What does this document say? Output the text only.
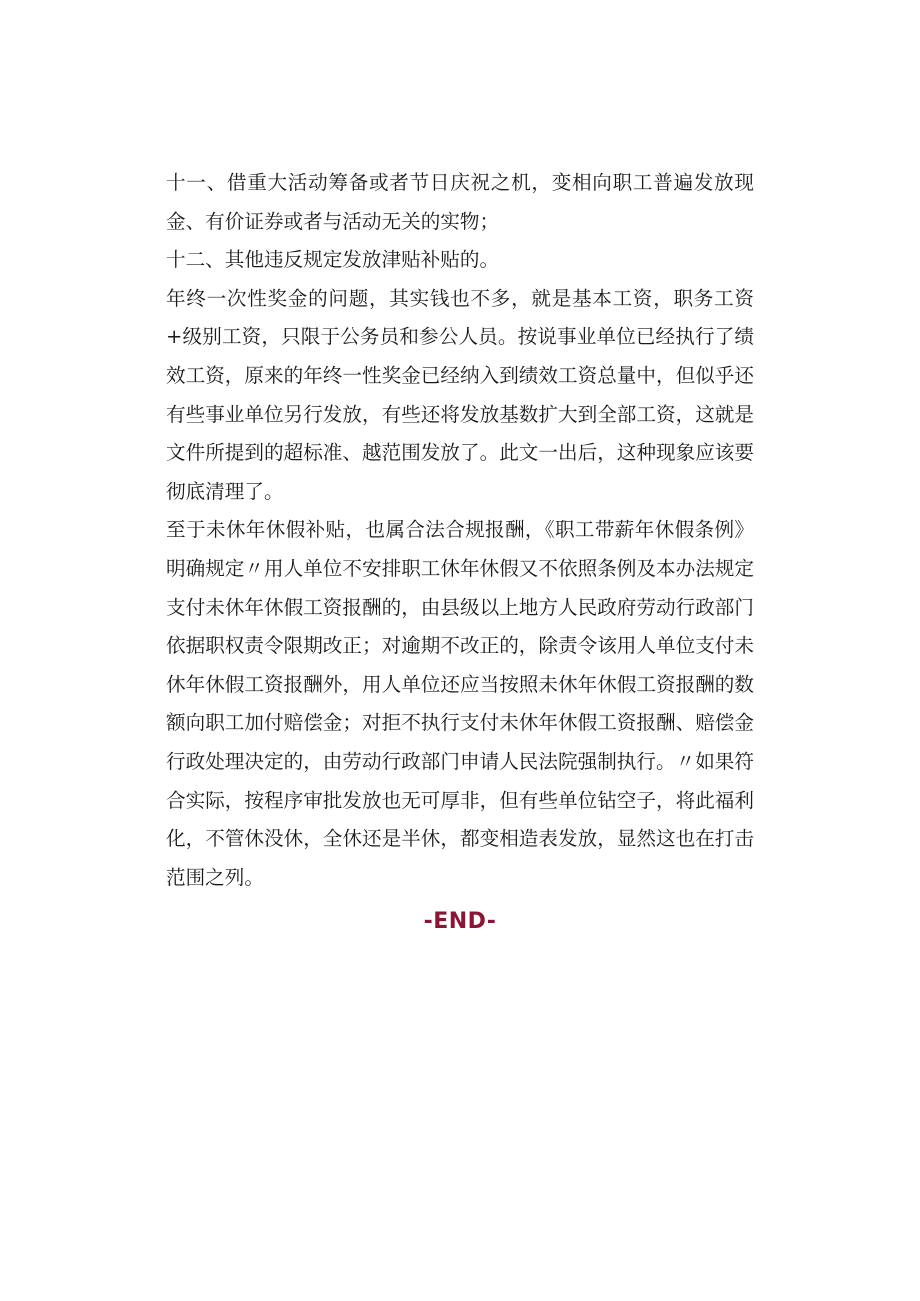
十一、借重大活动筹备或者节日庆祝之机，变相向职工普遍发放现金、有价证券或者与活动无关的实物；

十二、其他违反规定发放津贴补贴的。

年终一次性奖金的问题，其实钱也不多，就是基本工资，职务工资+级别工资，只限于公务员和参公人员。按说事业单位已经执行了绩效工资，原来的年终一性奖金已经纳入到绩效工资总量中，但似乎还有些事业单位另行发放，有些还将发放基数扩大到全部工资，这就是文件所提到的超标准、越范围发放了。此文一出后，这种现象应该要彻底清理了。

至于未休年休假补贴，也属合法合规报酬，《职工带薪年休假条例》明确规定〃用人单位不安排职工休年休假又不依照条例及本办法规定支付未休年休假工资报酬的，由县级以上地方人民政府劳动行政部门依据职权责令限期改正；对逾期不改正的，除责令该用人单位支付未休年休假工资报酬外，用人单位还应当按照未休年休假工资报酬的数额向职工加付赔偿金；对拒不执行支付未休年休假工资报酬、赔偿金行政处理决定的，由劳动行政部门申请人民法院强制执行。〃如果符合实际，按程序审批发放也无可厚非，但有些单位钻空子，将此福利化，不管休没休，全休还是半休，都变相造表发放，显然这也在打击范围之列。

-END-
